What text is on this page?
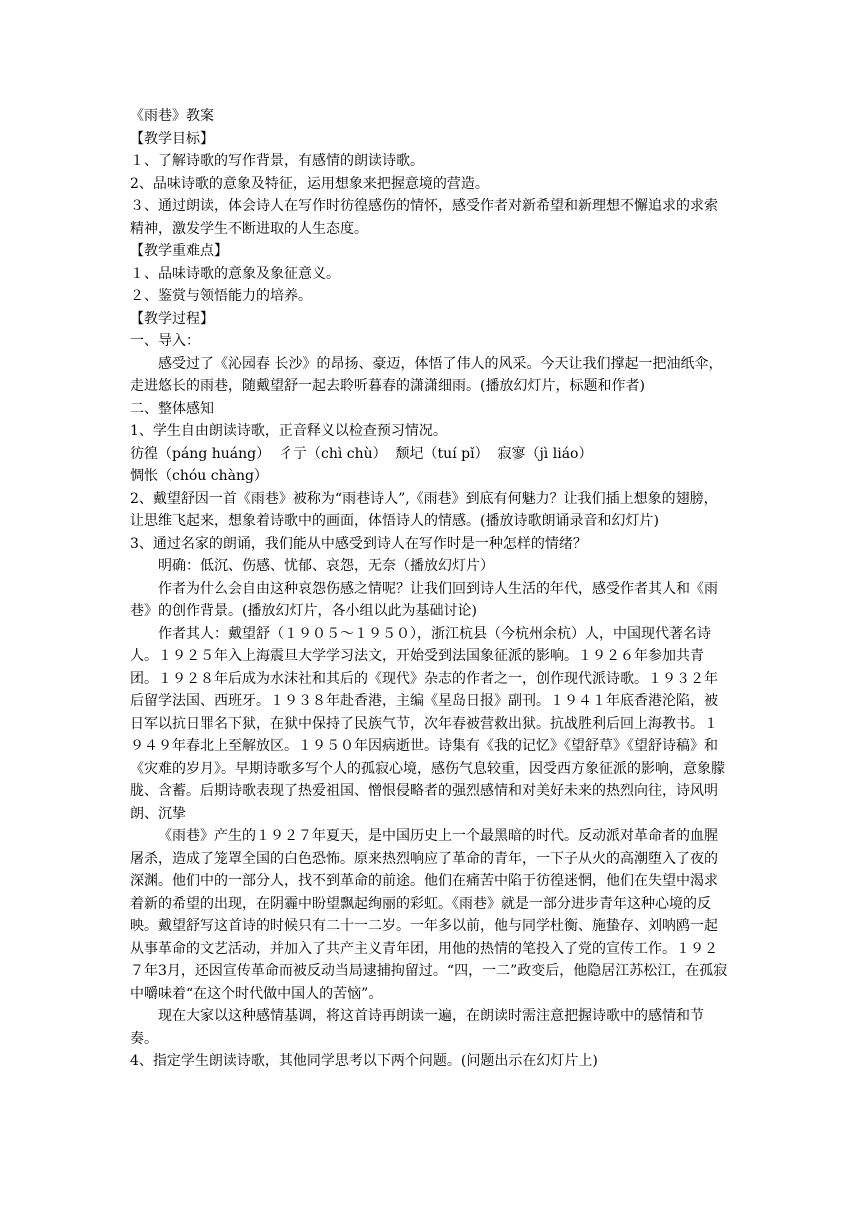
《雨巷》教案

【教学目标】

１、了解诗歌的写作背景，有感情的朗读诗歌。

2、品味诗歌的意象及特征，运用想象来把握意境的营造。

３、通过朗读，体会诗人在写作时彷徨感伤的情怀，感受作者对新希望和新理想不懈追求的求索精神，激发学生不断进取的人生态度。

【教学重难点】

１、品味诗歌的意象及象征意义。

２、鉴赏与领悟能力的培养。

【教学过程】

一、导入：

感受过了《沁园春 长沙》的昂扬、豪迈，体悟了伟人的风采。今天让我们撑起一把油纸伞，走进悠长的雨巷，随戴望舒一起去聆听暮春的潇潇细雨。(播放幻灯片，标题和作者)

二、整体感知

1、学生自由朗读诗歌，正音释义以检查预习情况。

彷徨（páng huáng）  彳亍（chì chù）  颓圮（tuí pǐ）  寂寥（jì liáo）

惆怅（chóu chàng）

2、戴望舒因一首《雨巷》被称为“雨巷诗人”,《雨巷》到底有何魅力？让我们插上想象的翅膀，让思维飞起来，想象着诗歌中的画面，体悟诗人的情感。(播放诗歌朗诵录音和幻灯片)

3、通过名家的朗诵，我们能从中感受到诗人在写作时是一种怎样的情绪？

明确：低沉、伤感、忧郁、哀怨，无奈（播放幻灯片）

作者为什么会自由这种哀怨伤感之情呢？让我们回到诗人生活的年代，感受作者其人和《雨巷》的创作背景。(播放幻灯片，各小组以此为基础讨论)

作者其人：戴望舒（１９０５～１９５０），浙江杭县（今杭州余杭）人，中国现代著名诗人。１９２５年入上海震旦大学学习法文，开始受到法国象征派的影响。１９２６年参加共青团。１９２８年后成为水沫社和其后的《现代》杂志的作者之一，创作现代派诗歌。１９３２年后留学法国、西班牙。１９３８年赴香港，主编《星岛日报》副刊。１９４１年底香港沦陷，被日军以抗日罪名下狱，在狱中保持了民族气节，次年春被营救出狱。抗战胜利后回上海教书。１９４９年春北上至解放区。１９５０年因病逝世。诗集有《我的记忆》《望舒草》《望舒诗稿》和《灾难的岁月》。早期诗歌多写个人的孤寂心境，感伤气息较重，因受西方象征派的影响，意象朦胧、含蓄。后期诗歌表现了热爱祖国、憎恨侵略者的强烈感情和对美好未来的热烈向往，诗风明朗、沉挚

《雨巷》产生的１９２７年夏天，是中国历史上一个最黑暗的时代。反动派对革命者的血腥屠杀，造成了笼罩全国的白色恐怖。原来热烈响应了革命的青年，一下子从火的高潮堕入了夜的深渊。他们中的一部分人，找不到革命的前途。他们在痛苦中陷于彷徨迷惘，他们在失望中渴求着新的希望的出现，在阴霾中盼望飘起绚丽的彩虹。《雨巷》就是一部分进步青年这种心境的反映。戴望舒写这首诗的时候只有二十一二岁。一年多以前，他与同学杜衡、施蛰存、刘呐鸥一起从事革命的文艺活动，并加入了共产主义青年团，用他的热情的笔投入了党的宣传工作。１９２７年3月，还因宣传革命而被反动当局逮捕拘留过。“四，一二”政变后，他隐居江苏松江，在孤寂中嚼味着“在这个时代做中国人的苦恼”。

现在大家以这种感情基调，将这首诗再朗读一遍，在朗读时需注意把握诗歌中的感情和节奏。

4、指定学生朗读诗歌，其他同学思考以下两个问题。(问题出示在幻灯片上)
